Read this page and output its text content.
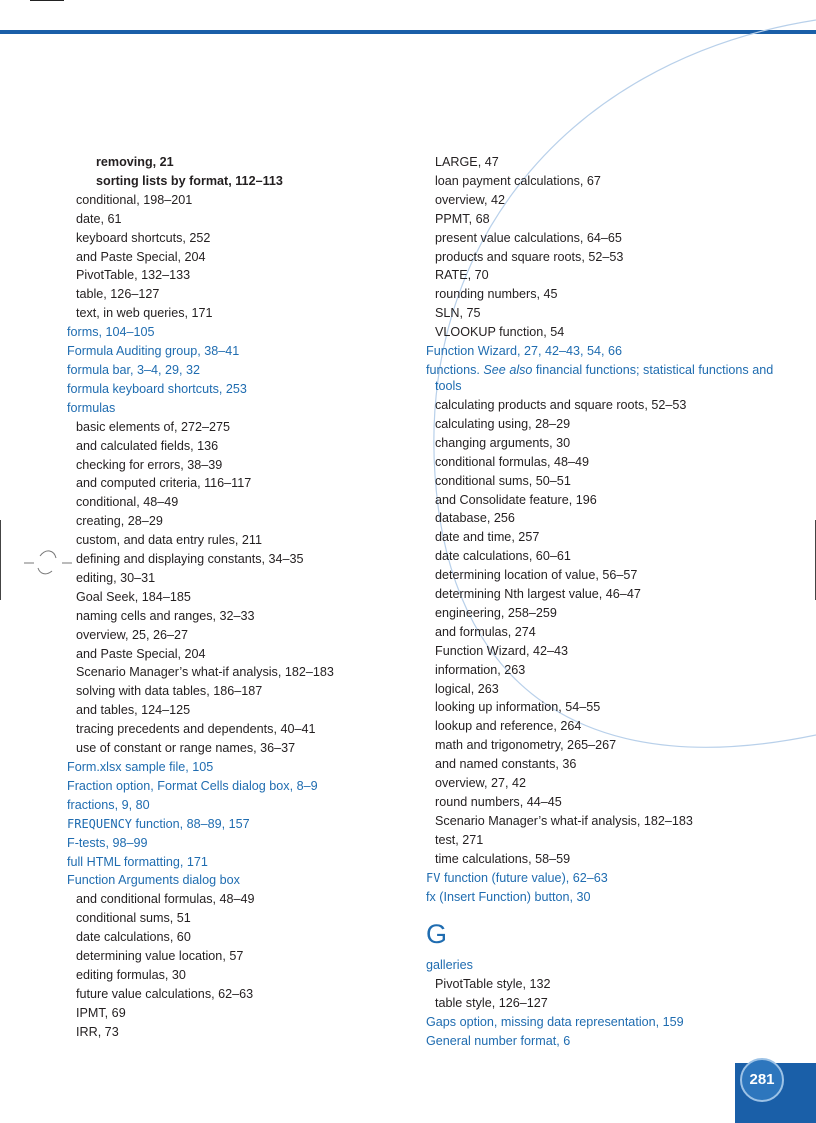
removing, 21
sorting lists by format, 112–113
conditional, 198–201
date, 61
keyboard shortcuts, 252
and Paste Special, 204
PivotTable, 132–133
table, 126–127
text, in web queries, 171
forms, 104–105
Formula Auditing group, 38–41
formula bar, 3–4, 29, 32
formula keyboard shortcuts, 253
formulas
basic elements of, 272–275
and calculated fields, 136
checking for errors, 38–39
and computed criteria, 116–117
conditional, 48–49
creating, 28–29
custom, and data entry rules, 211
defining and displaying constants, 34–35
editing, 30–31
Goal Seek, 184–185
naming cells and ranges, 32–33
overview, 25, 26–27
and Paste Special, 204
Scenario Manager’s what-if analysis, 182–183
solving with data tables, 186–187
and tables, 124–125
tracing precedents and dependents, 40–41
use of constant or range names, 36–37
Form.xlsx sample file, 105
Fraction option, Format Cells dialog box, 8–9
fractions, 9, 80
FREQUENCY function, 88–89, 157
F-tests, 98–99
full HTML formatting, 171
Function Arguments dialog box
and conditional formulas, 48–49
conditional sums, 51
date calculations, 60
determining value location, 57
editing formulas, 30
future value calculations, 62–63
IPMT, 69
IRR, 73
LARGE, 47
loan payment calculations, 67
overview, 42
PPMT, 68
present value calculations, 64–65
products and square roots, 52–53
RATE, 70
rounding numbers, 45
SLN, 75
VLOOKUP function, 54
Function Wizard, 27, 42–43, 54, 66
functions. See also financial functions; statistical functions and tools
calculating products and square roots, 52–53
calculating using, 28–29
changing arguments, 30
conditional formulas, 48–49
conditional sums, 50–51
and Consolidate feature, 196
database, 256
date and time, 257
date calculations, 60–61
determining location of value, 56–57
determining Nth largest value, 46–47
engineering, 258–259
and formulas, 274
Function Wizard, 42–43
information, 263
logical, 263
looking up information, 54–55
lookup and reference, 264
math and trigonometry, 265–267
and named constants, 36
overview, 27, 42
round numbers, 44–45
Scenario Manager’s what-if analysis, 182–183
test, 271
time calculations, 58–59
FV function (future value), 62–63
fx (Insert Function) button, 30
G
galleries
PivotTable style, 132
table style, 126–127
Gaps option, missing data representation, 159
General number format, 6
281
